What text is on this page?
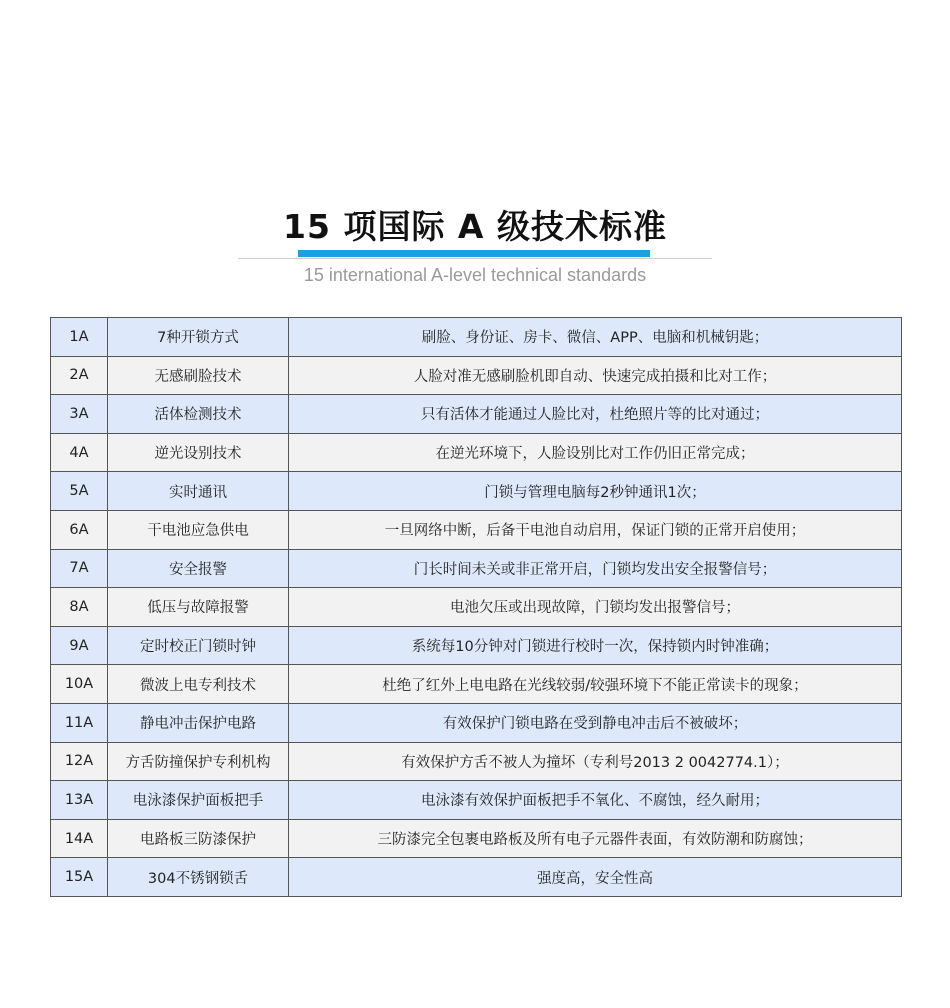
15 项国际 A 级技术标准
15 international A-level technical standards
1A	7种开锁方式	刷脸、身份证、房卡、微信、APP、电脑和机械钥匙；
2A	无感刷脸技术	人脸对准无感刷脸机即自动、快速完成拍摄和比对工作；
3A	活体检测技术	只有活体才能通过人脸比对，杜绝照片等的比对通过；
4A	逆光设别技术	在逆光环境下，人脸设别比对工作仍旧正常完成；
5A	实时通讯	门锁与管理电脑每2秒钟通讯1次；
6A	干电池应急供电	一旦网络中断，后备干电池自动启用，保证门锁的正常开启使用；
7A	安全报警	门长时间未关或非正常开启，门锁均发出安全报警信号；
8A	低压与故障报警	电池欠压或出现故障，门锁均发出报警信号；
9A	定时校正门锁时钟	系统每10分钟对门锁进行校时一次，保持锁内时钟准确；
10A	微波上电专利技术	杜绝了红外上电电路在光线较弱/较强环境下不能正常读卡的现象；
11A	静电冲击保护电路	有效保护门锁电路在受到静电冲击后不被破坏；
12A	方舌防撞保护专利机构	有效保护方舌不被人为撞坏（专利号2013 2 0042774.1）；
13A	电泳漆保护面板把手	电泳漆有效保护面板把手不氧化、不腐蚀，经久耐用；
14A	电路板三防漆保护	三防漆完全包裹电路板及所有电子元器件表面，有效防潮和防腐蚀；
15A	304不锈钢锁舌	强度高，安全性高
